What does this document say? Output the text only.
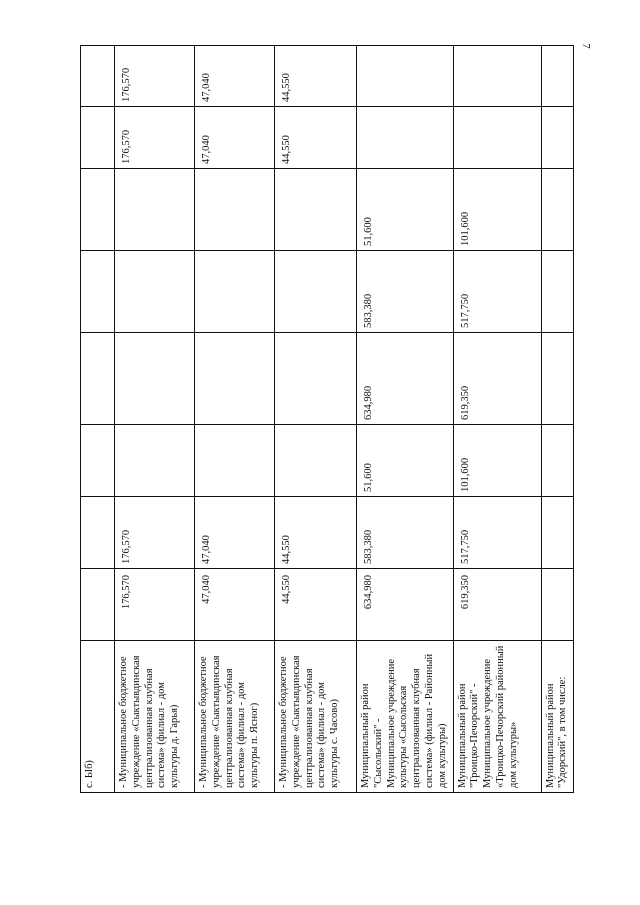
7
с. Ыб)								
- Муниципальное бюджетное учреждение «Сыктывдинская централизованная клубная система» (филиал - дом культуры д. Гарья)	176,570	176,570					176,570	176,570
- Муниципальное бюджетное учреждение «Сыктывдинская централизованная клубная система» (филиал - дом культуры п. Ясног)	47,040	47,040					47,040	47,040
- Муниципальное бюджетное учреждение «Сыктывдинская централизованная клубная система» (филиал - дом культуры с. Часово)	44,550	44,550					44,550	44,550
Муниципальный район "Сысольский" - Муниципальное учреждение культуры «Сысольская централизованная клубная система» (филиал - Районный дом культуры)	634,980	583,380	51,600	634,980	583,380	51,600		
Муниципальный район "Троицко-Печорский" - Муниципальное учреждение «Троицко-Печорский районный дом культуры»	619,350	517,750	101,600	619,350	517,750	101,600		
Муниципальный район "Удорский", в том числе:								
